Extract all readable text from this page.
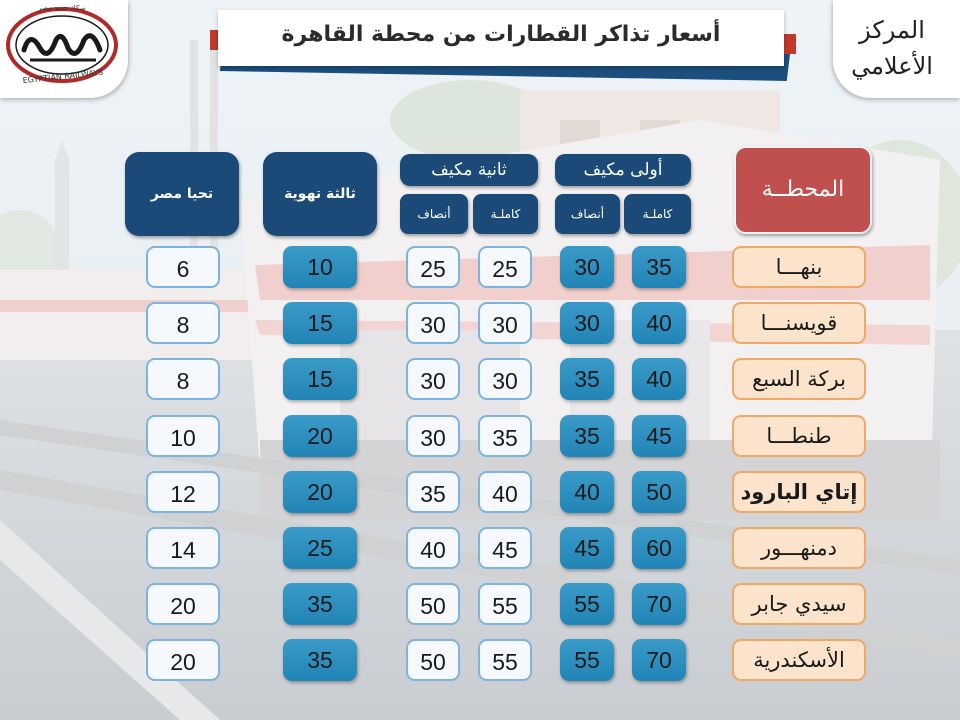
سكك حديد مصر
EGYPTIAN RAILWAYS
أسعار تذاكر القطارات من محطة القاهرة	المركز
الأعلامي
المحطــة
أولى مكيف
كاملـة
أنصاف
ثانية مكيف
كاملـة
أنصاف
ثالثة تهوية
تحيا مصر
بنهـــا
35
30
25
25
10
6
قويسنـــا
40
30
30
30
15
8
بركة السبع
40
35
30
30
15
8
طنطـــا
45
35
35
30
20
10
إتاي البارود
50
40
40
35
20
12
دمنهـــور
60
45
45
40
25
14
سيدي جابر
70
55
55
50
35
20
الأسكندرية
70
55
55
50
35
20
